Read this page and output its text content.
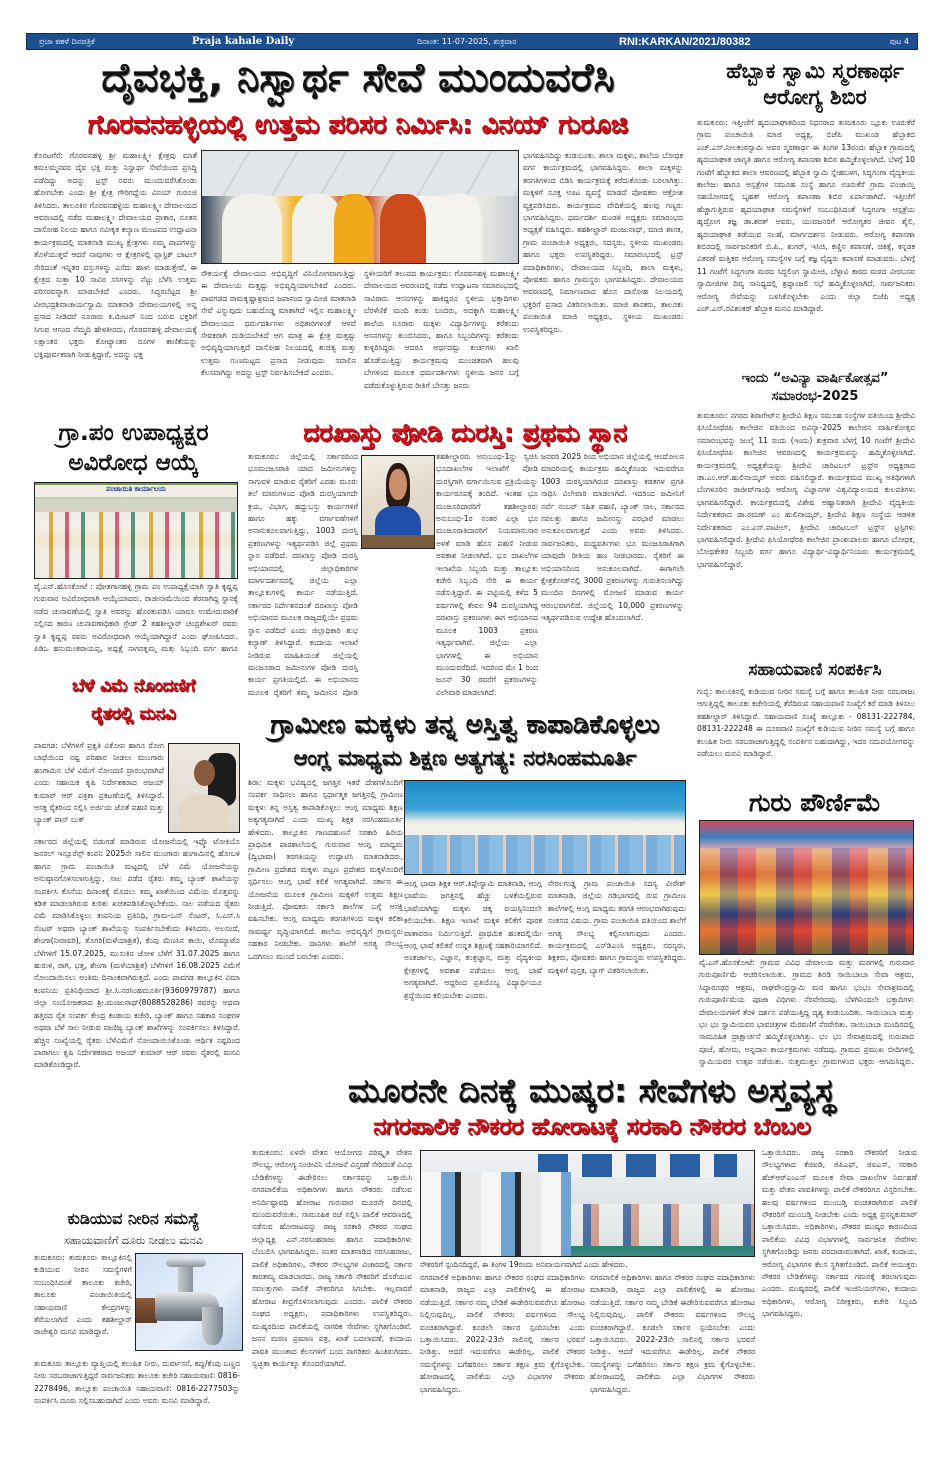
ಪ್ರಜಾ ಕಹಳೆ ದಿನಪತ್ರಿಕೆ	Praja kahale Daily	ದಿನಾಂಕ: 11-07-2025, ಶುಕ್ರವಾರ	RNI:KARKAN/2021/80382	ಪುಟ 4
ದೈವಭಕ್ತಿ, ನಿಸ್ವಾರ್ಥ ಸೇವೆ ಮುಂದುವರೆಸಿ
ಗೊರವನಹಳ್ಳಿಯಲ್ಲಿ ಉತ್ತಮ ಪರಿಸರ ನಿರ್ಮಿಸಿ: ವಿನಯ್ ಗುರೂಜಿ
ಕೊರಟಗೆರೆ: ಗೊರವನಹಳ್ಳಿ ಶ್ರೀ ಮಹಾಲಕ್ಷ್ಮೀ ಕ್ಷೇತ್ರವು ಮಾತೆ ಕಮಲಮ್ಮನವರ ದೈವ ಭಕ್ತಿ ಮತ್ತು ನಿಸ್ವಾರ್ಥ ಸೇವೆಯಿಂದ ಪ್ರಸಿದ್ಧಿ ಪಡೆದಿದ್ದು ಅದನ್ನು ಟ್ರಸ್ಟ್ ನವರು ಮುಂದುವರೆಸಿಕೊಂಡು ಹೋಗಬೇಕು ಎಂದು ಶ್ರೀ ಕ್ಷೇತ್ರ ಗೌರಿಗದ್ದೆಯ ವಿನಯ್ ಗುರೂಜಿ ತಿಳಿಸಿದರು. ತಾಲೂಕಿನ ಗೊರವನಹಳ್ಳಿಯ ಮಹಾಲಕ್ಷ್ಮೀ ದೇವಾಲಯದ ಆವರಣದಲ್ಲಿ ನಡೆದ ಮಹಾಲಕ್ಷ್ಮೀ ದೇವಾಲಯದ ಪ್ರಾಕಾರ, ನೂತನ ದಾಸೋಹ ನಿಲಯ ಹಾಗೂ ನವೀಕೃತ ಕಲ್ಯಾಣ ಮಂಟಪದ ಉದ್ಘಾಟನಾ ಕಾರ್ಯಕ್ರಮದಲ್ಲಿ ಮಾತನಾಡಿ ಮುಖ್ಯ ಕ್ಷೇತ್ರಗಳು ನಮ್ಮ ಪಾಪಗಳನ್ನು ತೊಳೆಯುತ್ತವೆ ಆದರೆ ನಾವುಗಳು ಆ ಕ್ಷೇತ್ರಗಳಲ್ಲಿ ಪ್ಲಾಸ್ಟಿಕ್ ಬಾಟಲ್ ಸೇರಿದಂತೆ ಇನ್ನಿತರ ವಸ್ತುಗಳನ್ನು ಎಸೆದು ಹಾಳು ಮಾಡುತ್ತೇವೆ, ಈ ಕ್ಷೇತ್ರದ ಸುತ್ತಾ 10 ಸಾವಿರ ಸಸಿಗಳನ್ನು ನೆಟ್ಟು ಬೆಳೆಸಿ ಉತ್ತಮ ಪರಿಸರವನ್ನಾಗಿ ಮಾಡಬೇಕಿದೆ ಎಂದರು. ಸಿದ್ಧರಬೆಟ್ಟದ ಶ್ರೀ ವೀರಭದ್ರಶಿವಾಚಾರ್ಯಸ್ವಾಮಿ ಮಾತನಾಡಿ ದೇವಾಲಯಗಳಲ್ಲಿ ಅನ್ನ ಪ್ರಸಾದ ನೀಡಿದರೆ ನೂರಾರು ಕಿ.ಮೀಟರ್ ನಿಂದ ಬರುವ ಭಕ್ತರಿಗೆ ಸಿಗುವ ಆನಂದ ನೆಮ್ಮದಿ ಹೇಳತೀರದು, ಗೊರವನಹಳ್ಳಿ ದೇವಾಲಯಕ್ಕೆ ಲಕ್ಷಾಂತರ ಭಕ್ತರು ಕೋಟ್ಯಾಂತರ ರೂಗಳ ಕಾಣಿಕೆಯನ್ನು ಭಕ್ತಿಪೂರ್ವಕವಾಗಿ ನೀಡುತ್ತಿದ್ದಾರೆ, ಅದನ್ನು ಭಕ್ತ
ಸೌಕರ್ಯಕ್ಕೆ ದೇವಾಲಯದ ಅಭಿವೃದ್ಧಿಗೆ ವಿನಿಯೋಗವಾಗುತ್ತಿದ್ದು ಈ ದೇವಾಲಯ ಮತ್ತಷ್ಟು ಅಭಿವೃದ್ಧಿಯಾಗಬೇಕಿದೆ ಎಂದರು. ಪಾವಗಡದ ರಾಮಕೃಷ್ಣಾಶ್ರಮದ ಜಪಾನಂದ ಸ್ವಾಮೀಜಿ ಮಾತನಾಡಿ ಸೇವೆ ಎನ್ನುವುದು ಬಹುದೊಡ್ಡ ಮಾತಾಗಿದೆ ಇಲ್ಲಿನ ಮಹಾಲಕ್ಷ್ಮೀ ದೇವಾಲಯದ ಧರ್ಮದರ್ಶಿಗಳು ಅಧಿಕಾರಿಗಳಂತೆ ಆಳದೆ ಸೇವಕರಾಗಿ ದುಡಿಯಬೇಕಿದೆ ಆಗ ಮಾತ್ರ ಈ ಕ್ಷೇತ್ರ ಮತ್ತಷ್ಟು ಅಭಿವೃದ್ಧಿಯಾಗುತ್ತದೆ ದಾಸೋಹ ನಿಲಯದಲ್ಲಿ ಶುಚಿತ್ವ ಮತ್ತು ಉತ್ತಮ ಗುಣಮಟ್ಟದ ಪ್ರಸಾದ ನೀಡುವುದು ಸವಾಲಿನ ಕೆಲಸವಾಗಿದ್ದು ಅದನ್ನು ಟ್ರಸ್ಟ್ ನಿರ್ವಹಿಸಬೇಕಿದೆ ಎಂದರು.
ಸ್ಥಳೀಯರಿಗೆ ತಲುಪದ ಕಾರ್ಯಕ್ರಮ: ಗೊರವನಹಳ್ಳಿ ಮಹಾಲಕ್ಷ್ಮೀ ದೇವಾಲಯದ ಆವರಣದಲ್ಲಿ ನಡೆದ ಉದ್ಘಾಟನಾ ಸಮಾರಂಭದಲ್ಲಿ ಸಾವಿರಾರು ಆಸನಗಳನ್ನು ಹಾಕಿದ್ದರೂ ಸ್ಥಳೀಯ ಭಕ್ತಾದಿಗಳು ಬೆರಳೆಣಿಕೆ ಮಂದಿ ಕಂಡು ಬಂದರು, ಅದಕ್ಕಾಗಿ ಮಹಾಲಕ್ಷ್ಮೀ ಶಾಲೆಯ ನೂರಾರು ಮಕ್ಕಳು ವಿದ್ಯಾರ್ಥಿಗಳನ್ನು ಕರೆತಂದು ಆಸನಗಳನ್ನು ತುಂಬಿಸಿದರು, ಹಾಗೂ ಸಿಬ್ಬಂದಿಗಳನ್ನು ಕರೆತಂದು ಕುಳ್ಳಿರಿಸಿದ್ದರು ಆದರೂ ಅರ್ಧದಷ್ಟು ಕುರ್ಚಿಗಳು ಖಾಲಿ ಹೊಡೆಯುತ್ತಿದ್ದು ಕಾರ್ಯಕ್ರಮವು ಮುಂಚಿತವಾಗಿ ಹಲವು ಬೇಗಳಿಂದ ಮೂಲಕ ಧರ್ಮದರ್ಶಿಗಳು ಸ್ಥಳೀಯ ಜನರ ಬಗ್ಗೆ ಪಡೆದುಕೊಳ್ಳುತ್ತಿರುವ ರೀತಿಗೆ ಬೇಸತ್ತು ಜನರು
ಭಾಗವಹಿಸದಿದ್ದು ಕಂಡುಬಂತು. ಶಾಲಾ ಮಕ್ಕಳು, ಶಾಲೆಯ ಬೋಧಕ ವರ್ಗ ಕಾರ್ಯಕ್ರಮದಲ್ಲಿ ಭಾಗವಹಿಸಿದ್ದರು. ಶಾಲಾ ಮಕ್ಕಳನ್ನು ತರಗತಿಗಳಿಂದ ಬಿಡಿಸಿ ಕಾರ್ಯಕ್ರಮಕ್ಕೆ ಕರೆದುಕೊಂಡು ಬರಲಾಗಿತ್ತು. ಮಕ್ಕಳಿಗೆ ಸೂಕ್ತ ಊಟ ವ್ಯವಸ್ಥೆ ಮಾಡದೆ ಪೋಷಕರು ಆಕ್ರೋಶ ವ್ಯಕ್ತಪಡಿಸಿದರು. ಕಾರ್ಯಕ್ರಮದ ವೇದಿಕೆಯಲ್ಲಿ ಹಲವು ಗಣ್ಯರು ಭಾಗವಹಿಸಿದ್ದರು. ಧರ್ಮದರ್ಶಿ ಮಂಡಳಿ ಅಧ್ಯಕ್ಷರು ಸಮಾರಂಭದ ಅಧ್ಯಕ್ಷತೆ ವಹಿಸಿದ್ದರು. ತಹಶೀಲ್ದಾರ್ ಮಂಜುನಾಥ್, ಮಾಜಿ ಶಾಸಕ, ಗ್ರಾಮ ಪಂಚಾಯಿತಿ ಅಧ್ಯಕ್ಷರು, ಸದಸ್ಯರು, ಸ್ಥಳೀಯ ಮುಖಂಡರು ಹಾಗೂ ಭಕ್ತರು ಉಪಸ್ಥಿತರಿದ್ದರು. ಸಮಾರಂಭದಲ್ಲಿ ಟ್ರಸ್ಟ್ ಪದಾಧಿಕಾರಿಗಳು, ದೇವಾಲಯದ ಸಿಬ್ಬಂದಿ, ಶಾಲಾ ಮಕ್ಕಳು, ಪೋಷಕರು ಹಾಗೂ ಗ್ರಾಮಸ್ಥರು ಭಾಗವಹಿಸಿದ್ದರು. ದೇವಾಲಯದ ಆವರಣದಲ್ಲಿ ನಿರ್ಮಾಣವಾದ ಹೊಸ ದಾಸೋಹ ನಿಲಯದಲ್ಲಿ ಭಕ್ತರಿಗೆ ಪ್ರಸಾದ ವಿತರಿಸಲಾಯಿತು. ಮಾಜಿ ಶಾಸಕರು, ತಾಲೂಕು ಪಂಚಾಯಿತಿ ಮಾಜಿ ಅಧ್ಯಕ್ಷರು, ಸ್ಥಳೀಯ ಮುಖಂಡರು ಉಪಸ್ಥಿತರಿದ್ದರು.
ಹೆಬ್ಬಾಕ ಸ್ವಾಮಿ ಸ್ಮರಣಾರ್ಥ ಆರೋಗ್ಯ ಶಿಬಿರ
ತುಮಕೂರು: ಇತ್ತೀಚೆಗೆ ಹೃದಯಾಘಾತದಿಂದ ನಿಧನರಾದ ತುಮಕೂರು ಬ್ಲೂಕು ಊರುಕೆರೆ ಗ್ರಾಮ ಪಂಚಾಯಿತಿ ಮಾಜಿ ಅಧ್ಯಕ್ಷ, ಬಿಜೆಪಿ ಮುಖಂಡ ಹೆಬ್ಬಾಕದ ಎಚ್.ಎಸ್.ನೀಲಕಂಠಸ್ವಾಮಿ ಅವರ ಸ್ಮರಣಾರ್ಥ ಈ ತಿಂಗಳ 13ರಂದು ಹೆಬ್ಬಾಕ ಗ್ರಾಮದಲ್ಲಿ ಹೃದಯಾಘಾತ ಜಾಗೃತಿ ಹಾಗೂ ಆರೋಗ್ಯ ತಪಾಸಣಾ ಶಿಬಿರ ಹಮ್ಮಿಕೊಳ್ಳಲಾಗಿದೆ. ಬೆಳಗ್ಗೆ 10 ಗಂಟೆಗೆ ಹೆಬ್ಬಾಕದ ಶಾಲಾ ಆವರಣದಲ್ಲಿ ಹೆಬ್ಬಾಕ ಸ್ವಾಮಿ ಸ್ನೇಹಬಳಗ, ಸಿದ್ಧಗಂಗಾ ವೈದ್ಯಕೀಯ ಕಾಲೇಜು ಹಾಗೂ ಆಸ್ಪತ್ರೆಗಳ ಸಮೂಹ ಸಂಸ್ಥೆ ಹಾಗೂ ಊರುಕೆರೆ ಗ್ರಾಮ ಪಂಚಾಯ್ತಿ ಸಹಯೋಗದಲ್ಲಿ ಬೃಹತ್ ಆರೋಗ್ಯ ತಪಾಸಣಾ ಶಿಬಿರ ಏರ್ಪಾಡಾಗಿದೆ. ಇತ್ತೀಚೆಗೆ ಹೆಚ್ಚಾಗುತ್ತಿರುವ ಹೃದಯಾಘಾತ ಸಮಸ್ಯೆಗಳಿಗೆ ಸಂಬಂಧಿಸಿದಂತೆ ಸಿದ್ಧಗಂಗಾ ಆಸ್ಪತ್ರೆಯ ಹೃದ್ರೋಗ ತಜ್ಞ ಡಾ.ಶರತ್ ಅವರು, ಯುವಜನರಿಗೆ ಆರೋಗ್ಯಕರ ಜೀವನ ಶೈಲಿ, ಹೃದಯಾಘಾತ ತಡೆಯುವ ಸಲಹೆ, ಮಾರ್ಗದರ್ಶನ ನೀಡುವರು. ಆರೋಗ್ಯ ತಪಾಸಣಾ ಶಿಬಿರದಲ್ಲಿ ಸಾರ್ವಜನಿಕರಿಗೆ ಬಿ.ಪಿ., ಶುಗರ್, ಇಸಿಜಿ, ಕಣ್ಣಿನ ತಪಾಸಣೆ, ಚಿಕಿತ್ಸೆ, ಕನ್ನಡಕ ವಿತರಣೆ ಮತ್ತಿತರ ಆರೋಗ್ಯ ಸಮಸ್ಯೆಗಳ ಬಗ್ಗೆ ತಜ್ಞ ವೈದ್ಯರು ತಪಾಸಣೆ ಮಾಡುವರು. ಬೆಳಗ್ಗೆ 11 ಗಂಟೆಗೆ ಸಿದ್ಧಗಂಗಾ ಮಠದ ಸಿದ್ಧಲಿಂಗ ಸ್ವಾಮೀಜಿ, ಬೆಳ್ಳಾವಿ ಕಾರದ ಮಠದ ವೀರಬಸವ ಸ್ವಾಮೀಜಿಗಳ ದಿವ್ಯ ಸಾನಿಧ್ಯದಲ್ಲಿ ಶ್ರದ್ಧಾಂಜಲಿ ಸಭೆ ಹಮ್ಮಿಕೊಳ್ಳಲಾಗಿದೆ. ಸಾರ್ವಜನಿಕರು ಆರೋಗ್ಯ ಸೇವೆಯನ್ನು ಬಳಸಿಕೊಳ್ಳಬೇಕು ಎಂದು ಜಿಲ್ಲಾ ಬಿಜೆಪಿ ಅಧ್ಯಕ್ಷ ಎಚ್.ಎಸ್.ರವಿಶಂಕರ್ ಹೆಬ್ಬಾಕ ಮನವಿ ಮಾಡಿದ್ದಾರೆ.
ಇಂದು “ಅವಿನ್ಯಾ ವಾರ್ಷಿಕೋತ್ಸವ”
ಸಮಾರಂಭ-2025
ತುಮಕೂರು: ನಗರದ ಶಿರಾಗೇಟ್‌ನ ಶ್ರೀದೇವಿ ಶಿಕ್ಷಣ ಸಮೂಹ ಸಂಸ್ಥೆಗಳ ವತಿಯಿಂದ ಶ್ರೀದೇವಿ ಫಿಸಿಯೋಥೆರಪಿ ಕಾಲೇಜಿನ ವತಿಯಿಂದ ಅವಿನ್ಯಾ-2025 ಕಾಲೇಜಿನ ವಾರ್ಷಿಕೋತ್ಸವ ಸಮಾರಂಭವನ್ನು ಜುಲೈ 11 ರಂದು (ಇಂದು) ಶುಕ್ರವಾರ ಬೆಳಗ್ಗೆ 10 ಗಂಟೆಗೆ ಶ್ರೀದೇವಿ ಫಿಸಿಯೋಥೆರಪಿ ಕಾಲೇಜಿನ ಆವರಣದಲ್ಲಿ ಕಾರ್ಯಕ್ರಮವನ್ನು ಹಮ್ಮಿಕೊಳ್ಳಲಾಗಿದೆ. ಕಾರ್ಯಕ್ರಮದಲ್ಲಿ ಅಧ್ಯಕ್ಷತೆಯನ್ನು ಶ್ರೀದೇವಿ ಚಾರಿಟಬಲ್ ಟ್ರಸ್ಟ್‌ನ ಅಧ್ಯಕ್ಷರಾದ ಡಾ.ಎಂ.ಆರ್.ಹುಲಿನಾಯ್ಕರ್ ಅವರು ವಹಿಸಲಿದ್ದಾರೆ. ಕಾರ್ಯಕ್ರಮದ ಮುಖ್ಯ ಅತಿಥಿಗಳಾಗಿ ಬೆಂಗಳೂರಿನ ರಾಜೀವ್‌ಗಾಂಧಿ ಆರೋಗ್ಯ ವಿಜ್ಞಾನಗಳ ವಿಶ್ವವಿದ್ಯಾಲಯದ ಕುಲಪತಿಗಳು ಭಾಗವಹಿಸಲಿದ್ದಾರೆ. ಕಾರ್ಯಕ್ರಮದಲ್ಲಿ ವಿಶೇಷ ಆಹ್ವಾನಿತರಾಗಿ ಶ್ರೀದೇವಿ ವೈದ್ಯಕೀಯ ನಿರ್ದೇಶಕರಾದ ಡಾ.ರಮಣ್ ಎಂ ಹುಲಿನಾಯ್ಕರ್, ಶ್ರೀದೇವಿ ಶಿಕ್ಷಣ ಸಂಸ್ಥೆಯ ಆಡಳಿತ ನಿರ್ದೇಶಕರಾದ ಎಂ.ಎಸ್.ಪಾಟೀಲ್, ಶ್ರೀದೇವಿ ಚಾರಿಟಬಲ್ ಟ್ರಸ್ಟ್‌ನ ಟ್ರಸ್ಟಿಗಳು ಭಾಗವಹಿಸಲಿದ್ದಾರೆ. ಶ್ರೀದೇವಿ ಫಿಸಿಯೋಥೆರಪಿ ಕಾಲೇಜಿನ ಪ್ರಾಂಶುಪಾಲರು ಹಾಗೂ ಬೋಧಕ, ಬೋಧಕೇತರ ಸಿಬ್ಬಂದಿ ವರ್ಗ ಹಾಗೂ ವಿದ್ಯಾರ್ಥಿ-ವಿದ್ಯಾರ್ಥಿನಿಯರು ಕಾರ್ಯಕ್ರಮದಲ್ಲಿ ಭಾಗವಹಿಸಲಿದ್ದಾರೆ.
ಗ್ರಾ.ಪಂ ಉಪಾಧ್ಯಕ್ಷರ ಅವಿರೋಧ ಆಯ್ಕೆ
ಪಂಚಾಯಿತಿ ಕಾರ್ಯಾಲಯ
ವೈ.ಎನ್.ಹೊಸಕೋಟೆ : ಪೋತಗಾನಹಳ್ಳಿ ಗ್ರಾಮ ಪಂ ಉಪಾಧ್ಯಕ್ಷೆಯಾಗಿ ಸ್ವಾತಿ ಕೃಷ್ಣಪ್ಪ ಗುರುವಾರ ಅವಿರೋಧವಾಗಿ ಆಯ್ಕೆಯಾದರು. ರಾಜೀನಾಮೆಯಿಂದ ತೆರವಾಗಿದ್ದ ಸ್ಥಾನಕ್ಕೆ ನಡೆದ ಚುನಾವಣೆಯಲ್ಲಿ ಸ್ವಾತಿ ಅವರನ್ನು ಹೊರತುಪಡಿಸಿ ಯಾರೂ ಉಮೇದುವಾರಿಕೆ ಸಲ್ಲಿಸದ ಕಾರಣ ಚುನಾವಣಾಧಿಕಾರಿ ಗ್ರೇಡ್ 2 ತಹಶೀಲ್ದಾರ್ ಚಂದ್ರಶೇಖರ್ ರವರು ಸ್ವಾತಿ ಕೃಷ್ಣಪ್ಪ ರವರು ಅವಿರೋಧವಾಗಿ ಆಯ್ಕೆಯಾಗಿದ್ದಾರೆ ಎಂದು ಘೋಷಿಸಿದರು. ಪಿಡಿಒ ಹನುಮಂತರಾಯಪ್ಪ, ಅಧ್ಯಕ್ಷೆ ನಾಗರತ್ನಮ್ಮ ಮತ್ತು ಸಿಬ್ಬಂದಿ ವರ್ಗ ಹಾಗೂ
ಬೆಳೆ ವಿಮೆ ನೊಂದಣಿಗೆ
ರೈತರಲ್ಲಿ ಮನವಿ
ಪಾವಗಡ: ಬೆಳೆಗಳಿಗೆ ಪ್ರಕೃತಿ ವಿಕೋಪ ಹಾಗೂ ರೋಗ ಬಾಧೆಯಿಂದ ನಷ್ಟ ಪರಿಹಾರ ನೀಡಲು ಮುಂಗಾರು ಹಂಗಾಮಿನ ಬೆಳೆ ವಿಮೆಗೆ ನೋಂದಣಿ ಪ್ರಾರಂಭವಾಗಿದೆ ಎಂದು ಸಹಾಯಕ ಕೃಷಿ ನಿರ್ದೇಶಕರಾದ ಅಜಯ್ ಕುಮಾರ್ ಆರ್ ಪತ್ರಿಕಾ ಪ್ರಕಟಣೆಯಲ್ಲಿ ತಿಳಿಸಿದ್ದಾರೆ. ಆಸಕ್ತ ರೈತರಿಂದ ಸಲ್ಲಿಸಿ ಅರ್ಜಿಯ ಜೊತೆ ಪಹಣಿ ಮತ್ತು ಬ್ಯಾಂಕ್ ಪಾಸ್ ಬುಕ್
ಸರ್ಕಾರದ ಜಿಲ್ಲೆಯಲ್ಲಿ ಬಿಡುಗಡೆ ಮಾಡಿರುವ ಯೋಜನೆಯಲ್ಲಿ ಇಫ್ಕೊ ಟೋಕಿಯೊ ಜನರಲ್ ಇನ್ಸೂರೆನ್ಸ್ ಕಂಪನಿ 2025ನೇ ಸಾಲಿನ ಮುಂಗಾರು ಹಂಗಾಮಿನಲ್ಲಿ ಹೋಬಳಿ ಹಾಗೂ ಗ್ರಾಮ ಪಂಚಾಯಿತಿ ಮಟ್ಟದಲ್ಲಿ ಬೆಳೆ ವಿಮೆ ಯೋಜನೆಯನ್ನು ಅನುಷ್ಠಾನಗೊಳಿಸಲಾಗುತ್ತಿದ್ದು, ಸಾಲ ಪಡೆದ ರೈತರು ತಮ್ಮ ಬ್ಯಾಂಕ್ ಶಾಖೆಯನ್ನು ಸಂಪರ್ಕಿಸಿ ಕೊನೆಯ ದಿನಾಂಕಕ್ಕೆ ಮೊದಲು ತಮ್ಮ ಖಾತೆಯಿಂದ ವಿಮೆಯ ಮೊತ್ತವನ್ನು ಕಡಿತ ಮಾಡಲಾಗಿರುವ ಕುರಿತು ಖಚಿತಪಡಿಸಿಕೊಳ್ಳಬೇಕೆಂದು. ಸಾಲ ಪಡೆಯದ ರೈತರು ವಿಮೆ ಮಾಡಿಸಿಕೊಳ್ಳಲು ಕಂಪನಿಯ ಪ್ರತಿನಿಧಿ, ಗ್ರಾಮ-ಒನ್ ಸೆಂಟರ್, ಸಿ.ಎಸ್.ಸಿ ಸೆಂಟರ್ ಅಥವಾ ಬ್ಯಾಂಕ್ ಶಾಖೆಯನ್ನು ಸಂಪರ್ಕಿಸಬೇಕೆಂದು ತಿಳಿಸಿದರು. ಅಲಸಂದೆ, ಶೇಂಗಾ(ನೀರಾವರಿ), ತೊಗರಿ(ಮಳೆಯಾಶ್ರಿತ), ಕೆಂಪು ಮೆಣಸಿನ ಕಾಯಿ, ಟೊಮ್ಯಾಟೊ ಬೆಳೆಗಳಿಗೆ 15.07.2025, ಮುಸುಕಿನ ಜೋಳ ಬೆಳೆಗೆ 31.07.2025 ಹಾಗೂ ಹುರುಳಿ, ರಾಗಿ, ಭತ್ತ, ಶೇಂಗಾ (ಮಳೆಯಾಶ್ರಿತ) ಬೆಳೆಗಳಿಗೆ 16.08.2025 ವಿಮೆಗೆ ನೋಂದಾಯಿಸಲು ಅಂತಿಮ ದಿನಾಂಕವಾಗಿರುತ್ತದೆ. ಎಂದು ಪಾವಗಡ ತಾಲ್ಲೂಕಿನ ವಿಮಾ ಕಂಪನಿಯ ಪ್ರತಿನಿಧಿಯಾದ ಶ್ರೀ.ಸಿ.ನರಸಿಂಹಮೂರ್ತಿ(9360979787) ಹಾಗೂ ಜಿಲ್ಲಾ ಸಂಯೋಜಕರಾದ ಶ್ರೀ.ಮಂಜುನಾಥ್(8088528286) ರವರನ್ನು ಅಥವಾ ಹತ್ತಿರದ ರೈತ ಸಂಪರ್ಕ ಕೇಂದ್ರ ಕಂಡಾಯ ಕಚೇರಿ, ಬ್ಯಾಂಕ್ ಹಾಗೂ ಸಹಕಾರ ಸಂಘಗಳ ಅಥವಾ ಬೆಳೆ ಸಾಲ ನೀಡುವ ವಾಣಿಜ್ಯ ಬ್ಯಾಂಕ್ ಶಾಖೆಗಳನ್ನು ಸಂಪರ್ಕಿಸಲು ತಿಳಿಸಿದ್ದಾರೆ. ಹೆಚ್ಚಿನ ಸಂಖ್ಯೆಯಲ್ಲಿ ರೈತರು ಬೆಳೆವಿಮೆಗೆ ನೋಂದಾಯಿಸಿಕೊಂಡು ಆರ್ಥಿಕ ನಷ್ಟದಿಂದ ಪಾರಾಗಲು ಕೃಷಿ ನಿರ್ದೇಶಕರಾದ ಅಜಯ್ ಕುಮಾರ್ ಆರ್ ರವರು ರೈತರಲ್ಲಿ ಮನವಿ ಮಾಡಿಕೊಂಡಿದ್ದಾರೆ.
ಕುಡಿಯುವ ನೀರಿನ ಸಮಸ್ಯೆ
ಸಹಾಯವಾಣಿಗೆ ದೂರು ನೀಡಲು ಮನವಿ
ತುಮಕೂರು: ತುಮಕೂರು ತಾಲ್ಲೂಕಿನಲ್ಲಿ ಕುಡಿಯುವ ನೀರಿನ ಸಮಸ್ಯೆಗಳಿಗೆ ಸಂಬಂಧಿಸಿದಂತೆ ತಾಲೂಕು ಕಚೇರಿ, ತಾಲೂಕು ಪಂಚಾಯಿತಿಯಲ್ಲಿ ಸಹಾಯವಾಣಿ ಕೇಂದ್ರಗಳನ್ನು ತೆರೆಯಲಾಗಿದೆ ಎಂದು ತಹಶೀಲ್ದಾರ್ ರಾಜೇಶ್ವರಿ ಮನವಿ ಮಾಡಿದ್ದಾರೆ.
ತುಮಕೂರು ತಾಲ್ಲೂಕು ವ್ಯಾಪ್ತಿಯಲ್ಲಿ ಕಲುಷಿತ ನೀರು, ದುರ್ವಾಸನೆ, ಕಪ್ಪು/ಕೆಂಪು ಬಣ್ಣದ ನೀರು ಸರಬರಾಜಾಗುತ್ತಿದ್ದರೆ ಸಾರ್ವಜನಿಕರು ತಾಲೂಕು ಕಚೇರಿ ಸಹಾಯವಾಣಿ: 0816-2278496, ತಾಲ್ಲೂಕು ಪಂಚಾಯಿತಿ ಸಹಾಯವಾಣಿ: 0816-2277503ನ್ನು ಸಂಪರ್ಕಿಸಿ ದೂರು ಸಲ್ಲಿಸಬಹುದಾಗಿದೆ ಎಂದು ಅವರು ಮನವಿ ಮಾಡಿದ್ದಾರೆ.
ದರಖಾಸ್ತು ಪೋಡಿ ದುರಸ್ತಿ: ಪ್ರಥಮ ಸ್ಥಾನ
ತುಮಕೂರು: ಜಿಲ್ಲೆಯಲ್ಲಿ ಸರ್ಕಾರದಿಂದ ಭೂಮಂಜೂರಾತಿ ಯಾದ ಜಮೀನುಗಳನ್ನು ಸಾಗುವಳಿ ಮಾಡುವ ರೈತರಿಗೆ ಎರಡು ಮೂರು ತಲೆ ಮಾರುಗಳಿಂದ ಪೋಡಿ ದುರಸ್ತಿಯಾಗದೇ ಕ್ರಯ, ವಿಭಾಗ, ಹದ್ದುಬಸ್ತು ಕಾರ್ಯಗಳಿಗೆ ಹಾಗೂ ಹಕ್ಕು ವರ್ಗಾವಣೆಗಳಿಗೆ ಅನಾನುಕೂಲವಾಗುತ್ತಿದ್ದು, 1003 ದುರಸ್ತಿ ಪ್ರಕರಣಗಳನ್ನು ಇತ್ಯರ್ಥಪಡಿಸಿ ಜಿಲ್ಲೆ ಪ್ರಥಮ ಸ್ಥಾನ ಪಡೆದಿದೆ. ದರಖಾಸ್ತು ಪೋಡಿ ದುರಸ್ತಿ ಅಭಿಯಾನದಲ್ಲಿ ಜಿಲ್ಲಾಧಿಕಾರಿಗಳ ಮಾರ್ಗದರ್ಶನದಲ್ಲಿ ಜಿಲ್ಲೆಯ ಎಲ್ಲಾ ತಾಲ್ಲೂಕುಗಳಲ್ಲಿ ಕಾರ್ಯ ನಡೆಯುತ್ತಿದೆ. ಸರ್ಕಾರದ ನಿರ್ದೇಶನದಂತೆ ದರಖಾಸ್ತು ಪೋಡಿ ಅಭಿಯಾನದ ಮೂಲಕ ರಾಜ್ಯದಲ್ಲಿಯೇ ಪ್ರಥಮ ಸ್ಥಾನ ಪಡೆದಿದೆ ಎಂದು ಜಿಲ್ಲಾಧಿಕಾರಿ ಶುಭ ಕಲ್ಯಾಣ್ ತಿಳಿಸಿದ್ದಾರೆ. ಕಂದಾಯ ಇಲಾಖೆ ನೀಡಿರುವ ಮಾಹಿತಿಯಂತೆ ಜಿಲ್ಲೆಯಲ್ಲಿ ಮಂಜೂರಾದ ಜಮೀನುಗಳ ಪೋಡಿ ದುರಸ್ತಿ ಕಾರ್ಯ ಪ್ರಗತಿಯಲ್ಲಿದೆ. ಈ ಅಭಿಯಾನದ ಮೂಲಕ ರೈತರಿಗೆ ತಮ್ಮ ಜಮೀನಿನ ಪೋಡಿ
ತಹಶೀಲ್ದಾರರು ಅನುಬಂಧ-1ನ್ನು ಸ್ವಚಿಸಿ ಭೂದಾಖಲೆಗಳ ಇಲಾಖೆಗೆ ಪೋಡಿ ದುರಸ್ತಿಗಾಗಿ ವರ್ಗಾಯಿಸುವ ಪ್ರಕ್ರಿಯೆಯನ್ನು ಕಾರ್ಯರೂಪಕ್ಕೆ ತಂದಿದೆ. ಇಂತಹ ಭೂ ಮಂಜೂರಿದಾರರಿಗೆ ತಹಶೀಲ್ದಾರರು ಅನುಬಂಧ-1ರ ನಂತರ ಎಲ್ಲಾ ಭೂ ಮಂಜೂರಾತಿದಾರರಿಗೆ ನಿಯಮಾನುಸಾರ ಅಳತೆ ಮಾಡಿ ಹೊಸ ಪಹಣಿ ನೀಡುವ ಅವಕಾಶ ನೀಡಲಾಗಿದೆ. ಭೂ ದಾಖಲೆಗಳ ಇಲಾಖೆಯ ಸಿಬ್ಬಂದಿ ಮತ್ತು ತಾಲ್ಲೂಕು ಕಚೇರಿ ಸಿಬ್ಬಂದಿ ಸೇರಿ ಈ ಕಾರ್ಯ ನಡೆಸುತ್ತಿದ್ದಾರೆ. ಈ ಪಟ್ಟಿಯಲ್ಲಿ ಕಳೆದ 5 ವರ್ಷಗಳಲ್ಲಿ ಕೇವಲ 94 ದುರಸ್ತಿಯಾಗಿದ್ದ ದರಖಾಸ್ತು ಪ್ರಕರಣಗಳು ಈಗ ಅಭಿಯಾನದ ಮೂಲಕ 1003 ಪ್ರಕರಣ ಇತ್ಯರ್ಥವಾಗಿವೆ. ಜಿಲ್ಲೆಯ ಎಲ್ಲಾ ಭಾಗಗಳಲ್ಲಿ ಈ ಅಭಿಯಾನ ಮುಂದುವರೆದಿದೆ. ಇದರಿಂದ ಮೇ 1 ರಿಂದ ಜೂನ್ 30 ರವರೆಗೆ ಪ್ರಕರಣಗಳನ್ನು ವಿಲೇವಾರಿ ಮಾಡಲಾಗಿದೆ.
ಜನವರಿ 2025 ರಿಂದ ಅಭಿಯಾನ ಜಿಲ್ಲೆಯಲ್ಲಿ ಆಂದೋಲನ ಮಾದರಿಯಲ್ಲಿ ಕಾರ್ಯಕ್ರಮ ಹಮ್ಮಿಕೊಂಡು ಇದುವರೆಗೂ 1003 ದುರಸ್ತಿಯಾಗಿರುವ ದರಖಾಸ್ತು ಕಡತಗಳ ಪ್ರಗತಿ ಸಾಧಿಸಿ ವಿಲೇವಾರಿ ಮಾಡಲಾಗಿದೆ. ಇದರಿಂದ ಜಮೀನಿಗೆ ಸರ್ವೆ ನಂಬರ್ ಸಹಿತ ಪಹಣಿ, ಬ್ಯಾಂಕ್ ಸಾಲ, ಸರ್ಕಾರದ ಸವಲತ್ತು ಹಾಗೂ ಜಮೀನನ್ನು ಪರಭಾರೆ ಮಾಡಲು ಅನುಕೂಲವಾಗುತ್ತದೆ ಎಂದು ಅವರು ತಿಳಿಸಿದರು. ಸಾರ್ವಜನಿಕರು, ಮಧ್ಯವರ್ತಿಗಳು ಭೂ ಮಂಜೂರಾತಿಗಾಗಿ ಯಾವುದೇ ರೀತಿಯ ಹಣ ನೀಡಬಾರದು. ರೈತರಿಗೆ ಈ ಅಭಿಯಾನದಿಂದ ಅನುಕೂಲವಾಗಿದೆ. ಈಗಾಗಲೇ ಕ್ಷೇತ್ರಕೋಡ್‌ನಲ್ಲಿ 3000 ಪ್ರಕರಣಗಳನ್ನು ಗುರುತಿಸಲಾಗಿದ್ದು ಮುಂದಿನ ದಿನಗಳಲ್ಲಿ ಮೋಜಣಿ ಮಾಡುವ ಕಾರ್ಯ ಆರಂಭವಾಗಲಿದೆ. ಜಿಲ್ಲೆಯಲ್ಲಿ 10,000 ಪ್ರಕರಣಗಳನ್ನು ಇತ್ಯರ್ಥಪಡಿಸುವ ಉದ್ದೇಶ ಹೊಂದಲಾಗಿದೆ.
ಗ್ರಾಮೀಣ ಮಕ್ಕಳು ತನ್ನ ಅಸ್ತಿತ್ವ ಕಾಪಾಡಿಕೊಳ್ಳಲು
ಆಂಗ್ಲ ಮಾಧ್ಯಮ ಶಿಕ್ಷಣ ಅತ್ಯಗತ್ಯ: ನರಸಿಂಹಮೂರ್ತಿ
ಶಿರಾ: ಮಕ್ಕಳು ಭವಿಷ್ಯದಲ್ಲಿ ಜಗತ್ತಿನ ಇತರೆ ದೇಶಗಳೊಂದಿಗೆ ಸಂಪರ್ಕ ಸಾಧಿಸಲು ಹಾಗೂ ಸ್ಪರ್ಧಾತ್ಮಕ ಜಗತ್ತಿನಲ್ಲಿ ಗ್ರಾಮೀಣ ಮಕ್ಕಳು ತನ್ನ ಅಸ್ತಿತ್ವ ಕಾಪಾಡಿಕೊಳ್ಳಲು ಆಂಗ್ಲ ಮಾಧ್ಯಮ ಶಿಕ್ಷಣ ಅತ್ಯಗತ್ಯವಾಗಿದೆ ಎಂದು ಮುಖ್ಯ ಶಿಕ್ಷಕ ನರಸಿಂಹಮೂರ್ತಿ ಹೇಳಿದರು. ತಾಲ್ಲೂಕಿನ ಗಾಣದಹುಣಸೆ ಸರಕಾರಿ ಹಿರಿಯ ಪ್ರಾಥಮಿಕ ಪಾಠಶಾಲೆಯಲ್ಲಿ ಗುರುವಾರ ಆಂಗ್ಲ ಮಾಧ್ಯಮ (ದ್ವಿಭಾಷಾ) ತರಗತಿಯನ್ನು ಉದ್ಘಾಟಿಸಿ ಮಾತನಾಡಿದರು, ಗ್ರಾಮೀಣ ಪ್ರದೇಶದ ಮಕ್ಕಳು ಪಟ್ಟಣ ಪ್ರದೇಶದ ಮಕ್ಕಳೊಂದಿಗೆ ಸ್ಪರ್ಧಿಸಲು ಆಂಗ್ಲ ಭಾಷೆ ಕಲಿಕೆ ಅಗತ್ಯವಾಗಿದೆ. ಸರ್ಕಾರ ಈ ಯೋಜನೆಯ ಮೂಲಕ ಗ್ರಾಮೀಣ ಮಕ್ಕಳಿಗೆ ಉತ್ತಮ ಶಿಕ್ಷಣ ನೀಡುತ್ತಿದೆ. ಪೋಷಕರು ಸರ್ಕಾರಿ ಶಾಲೆಗಳ ಬಗ್ಗೆ ಆಸಕ್ತಿ ವಹಿಸಬೇಕು. ಆಂಗ್ಲ ಮಾಧ್ಯಮ ತರಗತಿಗಳಿಂದ ಮಕ್ಕಳ ಕಲಿಕಾ ಸಾಮರ್ಥ್ಯ ವೃದ್ಧಿಯಾಗಲಿದೆ. ಶಾಲೆಯ ಅಭಿವೃದ್ಧಿಗೆ ಗ್ರಾಮಸ್ಥರು ಸಹಕಾರ ನೀಡಬೇಕು. ದಾನಿಗಳು ಶಾಲೆಗೆ ಅಗತ್ಯ ಸೌಲಭ್ಯ ಒದಗಿಸಲು ಮುಂದೆ ಬರಬೇಕು ಎಂದರು.
ಆಂಗ್ಲ ಭಾಷಾ ಶಿಕ್ಷಕ ಆರ್.ತಿಪ್ಪೇಸ್ವಾಮಿ ಮಾತನಾಡಿ, ಆಂಗ್ಲ ಭಾಷೆಯು ಜಗತ್ತಿನಲ್ಲಿ ಹೆಚ್ಚು ಬಳಕೆಯಲ್ಲಿರುವ ಭಾಷೆಯಾಗಿದ್ದು ಮಕ್ಕಳು ಚಿಕ್ಕ ವಯಸ್ಸಿನಿಂದಲೇ ಕಲಿಯಬೇಕು. ಶಿಕ್ಷಣ ಇಲಾಖೆ ಮಕ್ಕಳ ಕಲಿಕೆಗೆ ಪೂರಕ ವಾತಾವರಣ ನಿರ್ಮಿಸುತ್ತಿದೆ. ಪ್ರಾಥಮಿಕ ಹಂತದಲ್ಲಿಯೇ ಆಂಗ್ಲ ಭಾಷೆ ಕಲಿತರೆ ಉನ್ನತ ಶಿಕ್ಷಣಕ್ಕೆ ಸಹಕಾರಿಯಾಗಲಿದೆ. ಅಂತರ್ಜಾಲ, ವಿಜ್ಞಾನ, ತಂತ್ರಜ್ಞಾನ, ಮತ್ತು ವೈದ್ಯಕೀಯ ಕ್ಷೇತ್ರಗಳಲ್ಲಿ ಅವಕಾಶ ಪಡೆಯಲು ಆಂಗ್ಲ ಭಾಷೆ ಅಗತ್ಯವಾಗಿದೆ. ಆದ್ದರಿಂದ ಪ್ರತಿಯೊಬ್ಬ ವಿದ್ಯಾರ್ಥಿಯೂ ಶ್ರದ್ಧೆಯಿಂದ ಕಲಿಯಬೇಕು ಎಂದರು.
ನೇರಲಗುಡ್ಡ ಗ್ರಾಮ ಪಂಚಾಯಿತಿ ಸದಸ್ಯ ವೀರೇಶ್ ಮಾತನಾಡಿ, ಜಿಲ್ಲೆಯ ಗಡಿಭಾಗದಲ್ಲಿ ರುವ ಗ್ರಾಮೀಣ ಶಾಲೆಗಳಲ್ಲಿ ಆಂಗ್ಲ ಮಾಧ್ಯಮ ತರಗತಿ ಆರಂಭವಾಗಿರುವುದು ಸಂತಸದ ವಿಷಯ. ಗ್ರಾಮ ಪಂಚಾಯಿತಿ ವತಿಯಿಂದ ಶಾಲೆಗೆ ಅಗತ್ಯ ಸೌಲಭ್ಯ ಕಲ್ಪಿಸಲಾಗುವುದು ಎಂದರು. ಕಾರ್ಯಕ್ರಮದಲ್ಲಿ ಎಸ್‌ಡಿಎಂಸಿ ಅಧ್ಯಕ್ಷರು, ಸದಸ್ಯರು, ಶಿಕ್ಷಕರು, ಪೋಷಕರು ಹಾಗೂ ಗ್ರಾಮಸ್ಥರು ಉಪಸ್ಥಿತರಿದ್ದರು. ಮಕ್ಕಳಿಗೆ ಪುಸ್ತಕ, ಬ್ಯಾಗ್ ವಿತರಿಸಲಾಯಿತು.
ಸಹಾಯವಾಣಿ ಸಂಪರ್ಕಿಸಿ
ಗುಬ್ಬಿ: ತಾಲೂಕಿನಲ್ಲಿ ಕುಡಿಯುವ ನೀರಿನ ಸಮಸ್ಯೆ ಬಗ್ಗೆ ಹಾಗೂ ಕಲುಷಿತ ನೀರು ಸರಬರಾಜು ಆಗುತ್ತಿದ್ದಲ್ಲಿ ತಾಲೂಕು ಕಚೇರಿಯಲ್ಲಿ ತೆರೆದಿರುವ ಸಹಾಯವಾಣಿ ಸಂಖ್ಯೆಗೆ ಕರೆ ಮಾಡಿ ತಿಳಿಸಲು ತಹಶೀಲ್ದಾರ್ ತಿಳಿಸಿದ್ದಾರೆ. ಸಹಾಯವಾಣಿ ಸಂಖ್ಯೆ ತಾಲ್ಲೂಕು - 08131-222784, 08131-222248 ಈ ದೂರವಾಣಿ ಸಂಖ್ಯೆಗೆ ಕುಡಿಯುವ ನೀರಿನ ಸಮಸ್ಯೆ ಬಗ್ಗೆ ಹಾಗೂ ಕಲುಷಿತ ನೀರು ಸರಬರಾಜಾಗುತ್ತಿದ್ದಲ್ಲಿ ಸಂಪರ್ಕಿಸ ಬಹುದಾಗಿದ್ದು, ಇದರ ಸದುಪಯೋಗವನ್ನು ಪಡೆಯಲು ಮನವಿ ಮಾಡಿದ್ದಾರೆ.
ಗುರು ಪೌರ್ಣಿಮೆ
ವೈ.ಎನ್.ಹೊಸಕೋಟೆ: ಗ್ರಾಮದ ವಿವಿಧ ದೇವಾಲಯ ಮತ್ತು ಮಠಗಳಲ್ಲಿ ಗುರುವಾರ ಗುರುಪೂರ್ಣಿಮೆ ಆಚರಿಸಲಾಯಿತು. ಗ್ರಾಮದ ಶಿರಡಿ ಸಾಯಿಬಾಬಾ ಸೇವಾ ಆಶ್ರಮ, ಸಿದ್ಧಾರೂಢರ ಆಶ್ರಮ, ರಾಘವೇಂದ್ರಸ್ವಾಮಿ ಮಠ ಹಾಗೂ ಭಂಭಂ ಸೇವಾಶ್ರಮದಲ್ಲಿ ಗುರುಪೂರ್ಣಿಮೆಯ ಪೂಜಾ ವಿಧಿಗಳು ನೆರವೇರಿದವು. ಬೆಳಗಿನಿಂದಲೇ ಭಕ್ತಾದಿಗಳು ದೇವಾಲಯಗಳಿಗೆ ತೆರಳಿ ದರ್ಶನ ಪಡೆಯುತ್ತಿದ್ದ ದೃಶ್ಯ ಕಂಡುಬಂದಿತು. ಸಾಯಿಬಾಬಾ ಮತ್ತು ಭಂ ಭಂ ಸ್ವಾಮಿಯವರ ಭಾವಚಿತ್ರಗಳ ಮೆರವಣಿಗೆ ನೆರವೇರಿತು. ಸಾಯಿಬಾಬಾ ಮಂದಿರದಲ್ಲಿ ಸಾಮೂಹಿಕ ದ್ರಾಕ್ಷಾರ್ಚನೆ ಹಮ್ಮಿಕೊಳ್ಳಲಾಗಿತ್ತು. ಭಂ ಭಂ ಸೇವಾಶ್ರಮದಲ್ಲಿ ಗುರುಪಾದ ಪೂಜೆ, ಹೋಮ, ಅನ್ನದಾನ ಕಾರ್ಯಕ್ರಮಗಳು ನಡೆದವು. ಗ್ರಾಮದ ಪ್ರಮುಖ ಬೀದಿಗಳಲ್ಲಿ ಸ್ವಾಮಿಯವರ ಉತ್ಸವ ನಡೆಯಿತು. ಸುತ್ತಮುತ್ತಲ ಗ್ರಾಮಗಳಿಂದ ಭಕ್ತರು ಆಗಮಿಸಿದ್ದರು.
ಮೂರನೇ ದಿನಕ್ಕೆ ಮುಷ್ಕರ: ಸೇವೆಗಳು ಅಸ್ತವ್ಯಸ್ಥ
ನಗರಪಾಲಿಕೆ ನೌಕರರ ಹೋರಾಟಕ್ಕೆ ಸರಕಾರಿ ನೌಕರರ ಬೆಂಬಲ
ತುಮಕೂರು: ಏಳನೇ ವೇತನ ಆಯೋಗದ ಪರಿಷ್ಕೃತ ವೇತನ ಸೌಲಭ್ಯ, ಆರೋಗ್ಯ ಸಂಜೀವಿನಿ ಯೋಜನೆ ವಿಸ್ತರಣೆ ಸೇರಿದಂತೆ ವಿವಿಧ ಬೇಡಿಕೆಗಳನ್ನು ಈಡೇರಿಸಲು ಸರ್ಕಾರವನ್ನು ಒತ್ತಾಯಿಸಿ ನಗರಪಾಲಿಕೆಯ ಅಧಿಕಾರಿಗಳು ಹಾಗೂ ನೌಕರರು ನಡೆಸುವ ಅನಿರ್ದಿಷ್ಟಾವಧಿ ಹೋರಾಟ ಗುರುವಾರ ಮೂರನೇ ದಿನದಲ್ಲಿ ಮುಂದುವರೆಯಿತು. ಸಾಮೂಹಿಕ ರಜೆ ಸಲ್ಲಿಸಿ ಪಾಲಿಕೆ ಆವರಣದಲ್ಲಿ ನಡೆಸುವ ಹೋರಾಟವನ್ನು ರಾಜ್ಯ ಸರಕಾರಿ ನೌಕರರ ಸಂಘದ ಜಿಲ್ಲಾಧ್ಯಕ್ಷ ಎನ್.ನರಸಿಂಹರಾಜು ಹಾಗೂ ಪದಾಧಿಕಾರಿಗಳು ಬೆಂಬಲಿಸಿ ಭಾಗವಹಿಸಿದ್ದರು. ನಂತರ ಮಾತನಾಡಿದ ನರಸಿಂಹರಾಜು, ಪಾಲಿಕೆ ಅಧಿಕಾರಿಗಳು, ನೌಕರರ ಸೌಲಭ್ಯಗಳ ವಿಚಾರದಲ್ಲಿ ಸರ್ಕಾರ ತಾರತಮ್ಯ ಮಾಡಬಾರದು. ರಾಜ್ಯ ಸರ್ಕಾರಿ ನೌಕರರಿಗೆ ದೊರೆಯುವ ಸವಲತ್ತುಗಳು ಪಾಲಿಕೆ ನೌಕರರಿಗೂ ಸಿಗಬೇಕು. ಇಲ್ಲವಾದರೆ ಹೋರಾಟ ತೀವ್ರಗೊಳಿಸಲಾಗುವುದು ಎಂದರು. ಪಾಲಿಕೆ ನೌಕರರ ಸಂಘದ ಅಧ್ಯಕ್ಷರು, ಪದಾಧಿಕಾರಿಗಳು ಉಪಸ್ಥಿತರಿದ್ದರು. ಮುಷ್ಕರದಿಂದ ಪಾಲಿಕೆಯಲ್ಲಿ ನಾಗರಿಕ ಸೇವೆಗಳು ಸ್ಥಗಿತಗೊಂಡಿವೆ. ಜನನ ಮರಣ ಪ್ರಮಾಣ ಪತ್ರ, ಖಾತೆ ಬದಲಾವಣೆ, ಕಂದಾಯ ಪಾವತಿ ಮುಂತಾದ ಕೆಲಸಗಳಿಗೆ ಬಂದ ನಾಗರಿಕರು ಹಿಂತಿರುಗಿದರು. ಸ್ವಚ್ಛತಾ ಕಾರ್ಯಕ್ಕೂ ತೊಂದರೆಯಾಗಿದೆ.
ನೌಕರರಿಗೆ ಸ್ಪಂದಿಸದಿದ್ದರೆ, ಈ ತಿಂಗಳ 19ರಂದು ಅನಿವಾರ್ಯವಾಗಿದೆ ಎಂದು ಹೇಳಿದರು.
ನಗರಪಾಲಿಕೆ ಅಧಿಕಾರಿಗಳು ಹಾಗೂ ನೌಕರರ ಸಂಘದ ಪದಾಧಿಕಾರಿಗಳು ಮಾತನಾಡಿ, ರಾಜ್ಯದ ಎಲ್ಲಾ ಪಾಲಿಕೆಗಳಲ್ಲಿ ಈ ಹೋರಾಟ ನಡೆಯುತ್ತಿದೆ. ಸರ್ಕಾರ ನಮ್ಮ ಬೇಡಿಕೆ ಈಡೇರಿಸುವವರೆಗೂ ಹೋರಾಟ ನಿಲ್ಲಿಸುವುದಿಲ್ಲ. ಪಾಲಿಕೆ ನೌಕರರು ವರ್ಷಗಳಿಂದ ಸೌಲಭ್ಯ ವಂಚಿತರಾಗಿದ್ದಾರೆ. ಕೂಡಲೇ ಸರ್ಕಾರ ಸ್ಪಂದಿಸಬೇಕು ಎಂದು ಒತ್ತಾಯಿಸಿದರು. 2022-23ನೇ ಸಾಲಿನಲ್ಲಿ ಸರ್ಕಾರ ಭರವಸೆ ನೀಡಿತ್ತು. ಆದರೆ ಇದುವರೆಗೂ ಈಡೇರಿಲ್ಲ. ಪಾಲಿಕೆ ನೌಕರರ ಸಮಸ್ಯೆಗಳನ್ನು ಬಗೆಹರಿಸಲು ಸರ್ಕಾರ ತಕ್ಷಣ ಕ್ರಮ ಕೈಗೊಳ್ಳಬೇಕು. ಹೋರಾಟದಲ್ಲಿ ಪಾಲಿಕೆಯ ಎಲ್ಲಾ ವಿಭಾಗಗಳ ನೌಕರರು ಭಾಗವಹಿಸಿದ್ದರು.
ನಗರಪಾಲಿಕೆ ಅಧಿಕಾರಿಗಳು ಹಾಗೂ ನೌಕರರ ಸಂಘದ ಪದಾಧಿಕಾರಿಗಳು ಮಾತನಾಡಿ, ರಾಜ್ಯದ ಎಲ್ಲಾ ಪಾಲಿಕೆಗಳಲ್ಲಿ ಈ ಹೋರಾಟ ನಡೆಯುತ್ತಿದೆ. ಸರ್ಕಾರ ನಮ್ಮ ಬೇಡಿಕೆ ಈಡೇರಿಸುವವರೆಗೂ ಹೋರಾಟ ನಿಲ್ಲಿಸುವುದಿಲ್ಲ. ಪಾಲಿಕೆ ನೌಕರರು ವರ್ಷಗಳಿಂದ ಸೌಲಭ್ಯ ವಂಚಿತರಾಗಿದ್ದಾರೆ. ಕೂಡಲೇ ಸರ್ಕಾರ ಸ್ಪಂದಿಸಬೇಕು ಎಂದು ಒತ್ತಾಯಿಸಿದರು. 2022-23ನೇ ಸಾಲಿನಲ್ಲಿ ಸರ್ಕಾರ ಭರವಸೆ ನೀಡಿತ್ತು. ಆದರೆ ಇದುವರೆಗೂ ಈಡೇರಿಲ್ಲ. ಪಾಲಿಕೆ ನೌಕರರ ಸಮಸ್ಯೆಗಳನ್ನು ಬಗೆಹರಿಸಲು ಸರ್ಕಾರ ತಕ್ಷಣ ಕ್ರಮ ಕೈಗೊಳ್ಳಬೇಕು. ಹೋರಾಟದಲ್ಲಿ ಪಾಲಿಕೆಯ ಎಲ್ಲಾ ವಿಭಾಗಗಳ ನೌಕರರು ಭಾಗವಹಿಸಿದ್ದರು.
ಒತ್ತಾಯಿಸಿದರು. ರಾಜ್ಯ ಸರಕಾರಿ ನೌಕರರಿಗೆ ನೀಡುವ ಸೌಲಭ್ಯಗಳಾದ ಕೆಜಿಐಡಿ, ಜಿಪಿಎಫ್, ಜಿಐಎಸ್, ಸರಕಾರಿ ಹೆಚ್‌ಆರ್‌ಎಂಎಸ್ ಮೂಲಕ ಸೇವಾ ದಾಖಲೆಗಳ ನಿರ್ವಹಣೆ ಮತ್ತು ವೇತನ ಪಾವತಿಗಳನ್ನು ಪಾಲಿಕೆ ನೌಕರರಿಗೂ ವಿಸ್ತರಿಸಬೇಕು. ಹಲವು ವರ್ಷಗಳಿಂದ ಮುಂಬಡ್ತಿ ವಂಚಿತರಾಗಿರುವ ಪಾಲಿಕೆ ನೌಕರರಿಗೆ ಮುಂಬಡ್ತಿ ನೀಡಬೇಕು ಎಂದು ಅಧ್ಯಕ್ಷ ಪ್ರಸನ್ನಕುಮಾರ್ ಒತ್ತಾಯಿಸಿದರು. ಅಧಿಕಾರಿಗಳು, ನೌಕರರ ಮುಷ್ಕರ ಕಾರಣದಿಂದ ಪಾಲಿಕೆಯ ವಿವಿಧ ವಿಭಾಗಗಳಲ್ಲಿ ಸಾರ್ವಜನಿಕ ಸೇವೆಗಳು ಸ್ಥಗಿತಗೊಂಡಿದ್ದು ಜನರು ಪರದಾಡುವಂತಾಗಿದೆ. ಖಾತೆ, ಕಂದಾಯ, ಆರೋಗ್ಯ ವಿಭಾಗಗಳ ಕೆಲಸ ಸ್ಥಗಿತಗೊಂಡಿದೆ. ಪಾಲಿಕೆ ಆಯುಕ್ತರು ನೌಕರರ ಬೇಡಿಕೆಗಳನ್ನು ಸರ್ಕಾರದ ಗಮನಕ್ಕೆ ತರಲಾಗುವುದು ಎಂದರು. ಮುಷ್ಕರದಲ್ಲಿ ಪಾಲಿಕೆ ಇಂಜಿನಿಯರ್‌ಗಳು, ಕಂದಾಯ ಅಧಿಕಾರಿಗಳು, ಆರೋಗ್ಯ ನಿರೀಕ್ಷಕರು, ಕಚೇರಿ ಸಿಬ್ಬಂದಿ ಭಾಗವಹಿಸಿದ್ದರು.
